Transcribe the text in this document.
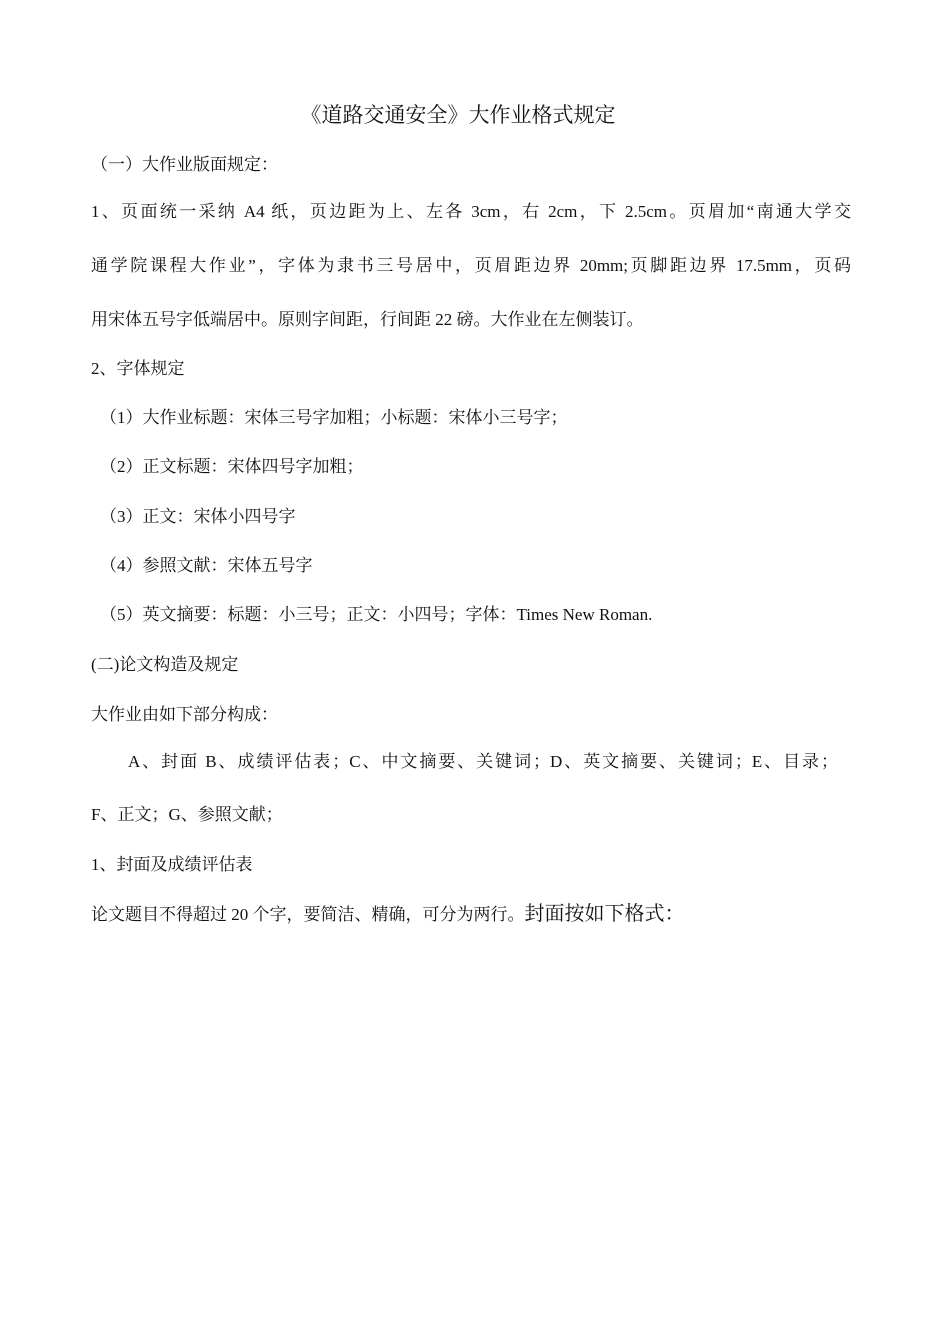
《道路交通安全》大作业格式规定
（一）大作业版面规定：
1、页面统一采纳 A4 纸，页边距为上、左各 3cm，右 2cm，下 2.5cm。页眉加“南通大学交
通学院课程大作业”，字体为隶书三号居中，页眉距边界 20mm;页脚距边界 17.5mm，页码
用宋体五号字低端居中。原则字间距，行间距 22 磅。大作业在左侧装订。
2、字体规定
（1）大作业标题：宋体三号字加粗；小标题：宋体小三号字；
（2）正文标题：宋体四号字加粗；
（3）正文：宋体小四号字
（4）参照文献：宋体五号字
（5）英文摘要：标题：小三号；正文：小四号；字体：Times New Roman.
(二)论文构造及规定
大作业由如下部分构成：
A、封面 B、成绩评估表；C、中文摘要、关键词；D、英文摘要、关键词；E、目录；
F、正文；G、参照文献；
1、封面及成绩评估表
论文题目不得超过 20 个字，要简洁、精确，可分为两行。封面按如下格式：
